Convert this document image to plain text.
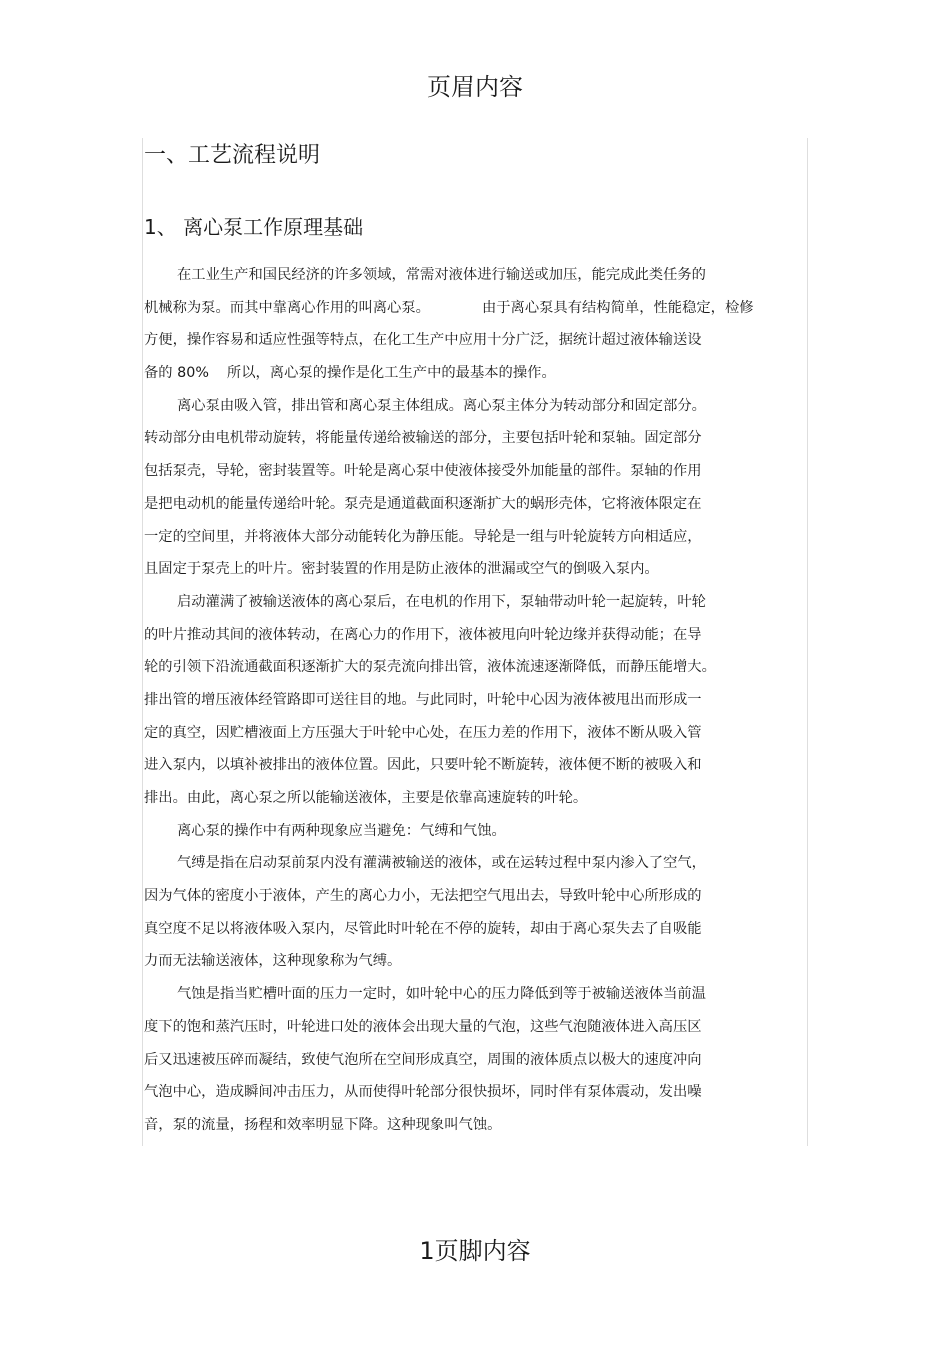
页眉内容
一、工艺流程说明
1、 离心泵工作原理基础
在工业生产和国民经济的许多领域，常需对液体进行输送或加压，能完成此类任务的
机械称为泵。而其中靠离心作用的叫离心泵。	由于离心泵具有结构简单，性能稳定，检修
方便，操作容易和适应性强等特点，在化工生产中应用十分广泛，据统计超过液体输送设
备的 80% 所以，离心泵的操作是化工生产中的最基本的操作。
离心泵由吸入管，排出管和离心泵主体组成。离心泵主体分为转动部分和固定部分。
转动部分由电机带动旋转，将能量传递给被输送的部分，主要包括叶轮和泵轴。固定部分
包括泵壳，导轮，密封装置等。叶轮是离心泵中使液体接受外加能量的部件。泵轴的作用
是把电动机的能量传递给叶轮。泵壳是通道截面积逐渐扩大的蜗形壳体，它将液体限定在
一定的空间里，并将液体大部分动能转化为静压能。导轮是一组与叶轮旋转方向相适应，
且固定于泵壳上的叶片。密封装置的作用是防止液体的泄漏或空气的倒吸入泵内。
启动灌满了被输送液体的离心泵后，在电机的作用下，泵轴带动叶轮一起旋转，叶轮
的叶片推动其间的液体转动，在离心力的作用下，液体被甩向叶轮边缘并获得动能；在导
轮的引领下沿流通截面积逐渐扩大的泵壳流向排出管，液体流速逐渐降低，而静压能增大。
排出管的增压液体经管路即可送往目的地。与此同时，叶轮中心因为液体被甩出而形成一
定的真空，因贮槽液面上方压强大于叶轮中心处，在压力差的作用下，液体不断从吸入管
进入泵内，以填补被排出的液体位置。因此，只要叶轮不断旋转，液体便不断的被吸入和
排出。由此，离心泵之所以能输送液体，主要是依靠高速旋转的叶轮。
离心泵的操作中有两种现象应当避免：气缚和气蚀。
气缚是指在启动泵前泵内没有灌满被输送的液体，或在运转过程中泵内渗入了空气，
因为气体的密度小于液体，产生的离心力小，无法把空气甩出去，导致叶轮中心所形成的
真空度不足以将液体吸入泵内，尽管此时叶轮在不停的旋转，却由于离心泵失去了自吸能
力而无法输送液体，这种现象称为气缚。
气蚀是指当贮槽叶面的压力一定时，如叶轮中心的压力降低到等于被输送液体当前温
度下的饱和蒸汽压时，叶轮进口处的液体会出现大量的气泡，这些气泡随液体进入高压区
后又迅速被压碎而凝结，致使气泡所在空间形成真空，周围的液体质点以极大的速度冲向
气泡中心，造成瞬间冲击压力，从而使得叶轮部分很快损坏，同时伴有泵体震动，发出噪
音，泵的流量，扬程和效率明显下降。这种现象叫气蚀。
1页脚内容
